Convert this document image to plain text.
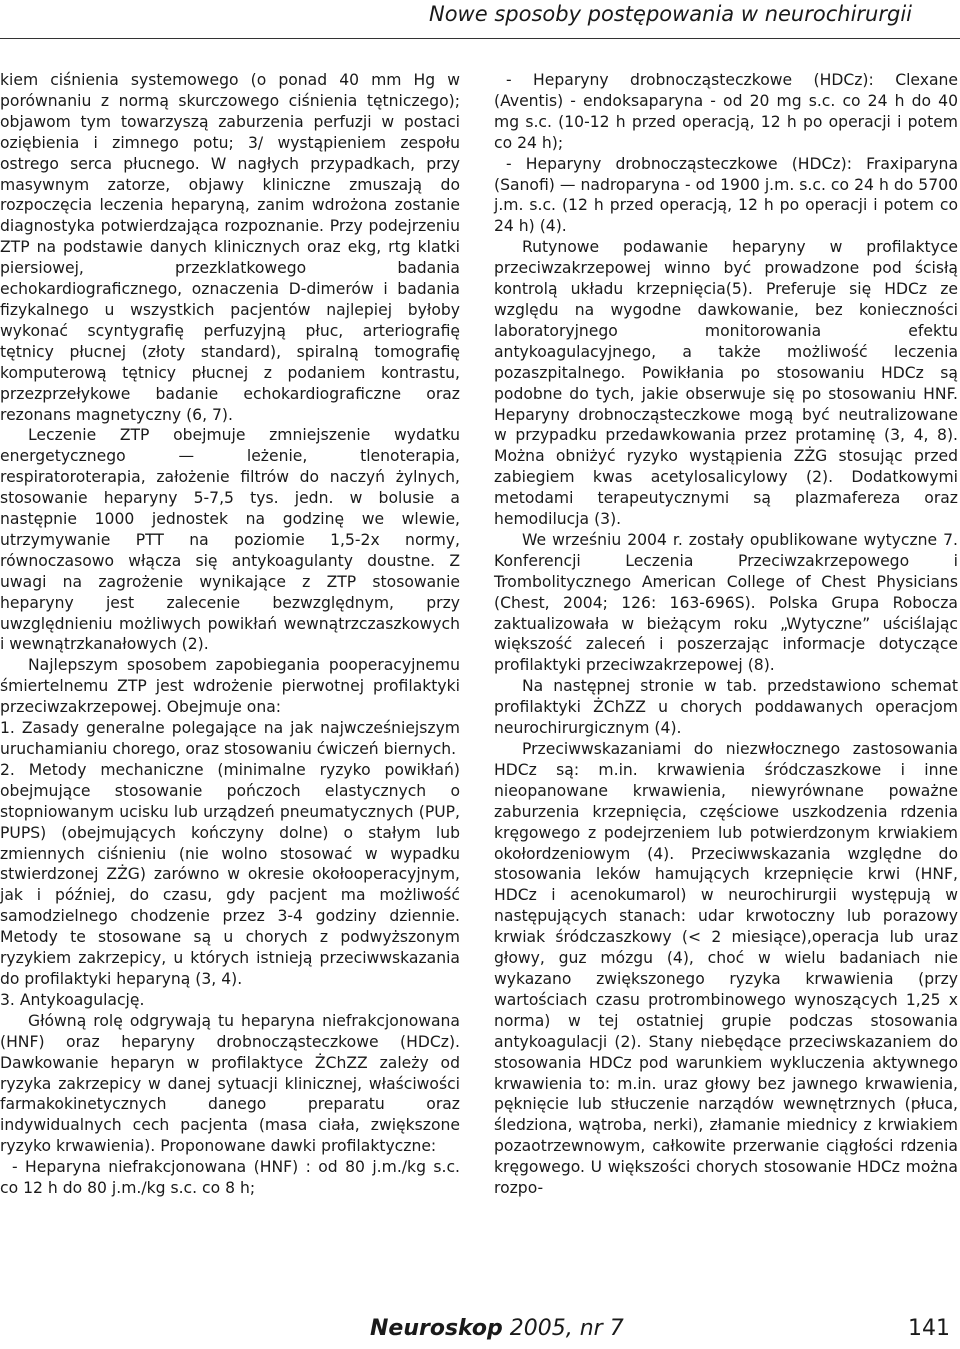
Nowe sposoby postępowania w neurochirurgii

kiem ciśnienia systemowego (o ponad 40 mm Hg w porównaniu z normą skurczowego ciśnienia tętniczego); objawom tym towarzyszą zaburzenia perfuzji w postaci oziębienia i zimnego potu; 3/ wystąpieniem zespołu ostrego serca płucnego. W nagłych przypadkach, przy masywnym zatorze, objawy kliniczne zmuszają do rozpoczęcia leczenia heparyną, zanim wdrożona zostanie diagnostyka potwierdzająca rozpoznanie. Przy podejrzeniu ZTP na podstawie danych klinicznych oraz ekg, rtg klatki piersiowej, przezklatkowego badania echokardiograficznego, oznaczenia D-dimerów i badania fizykalnego u wszystkich pacjentów najlepiej byłoby wykonać scyntygrafię perfuzyjną płuc, arteriografię tętnicy płucnej (złoty standard), spiralną tomografię komputerową tętnicy płucnej z podaniem kontrastu, przezprzełykowe badanie echokardiograficzne oraz rezonans magnetyczny (6, 7).

Leczenie ZTP obejmuje zmniejszenie wydatku energetycznego — leżenie, tlenoterapia, respiratoroterapia, założenie filtrów do naczyń żylnych, stosowanie heparyny 5-7,5 tys. jedn. w bolusie a następnie 1000 jednostek na godzinę we wlewie, utrzymywanie PTT na poziomie 1,5-2x normy, równoczasowo włącza się antykoagulanty doustne. Z uwagi na zagrożenie wynikające z ZTP stosowanie heparyny jest zalecenie bezwzględnym, przy uwzględnieniu możliwych powikłań wewnątrzczaszkowych i wewnątrzkanałowych (2).

Najlepszym sposobem zapobiegania pooperacyjnemu śmiertelnemu ZTP jest wdrożenie pierwotnej profilaktyki przeciwzakrzepowej. Obejmuje ona:

1. Zasady generalne polegające na jak najwcześniejszym uruchamianiu chorego, oraz stosowaniu ćwiczeń biernych.

2. Metody mechaniczne (minimalne ryzyko powikłań) obejmujące stosowanie pończoch elastycznych o stopniowanym ucisku lub urządzeń pneumatycznych (PUP, PUPS) (obejmujących kończyny dolne) o stałym lub zmiennych ciśnieniu (nie wolno stosować w wypadku stwierdzonej ZŻG) zarówno w okresie okołooperacyjnym, jak i później, do czasu, gdy pacjent ma możliwość samodzielnego chodzenie przez 3-4 godziny dziennie. Metody te stosowane są u chorych z podwyższonym ryzykiem zakrzepicy, u których istnieją przeciwwskazania do profilaktyki heparyną (3, 4).

3. Antykoagulację.

Główną rolę odgrywają tu heparyna niefrakcjonowana (HNF) oraz heparyny drobnocząsteczkowe (HDCz). Dawkowanie heparyn w profilaktyce ŻChZZ zależy od ryzyka zakrzepicy w danej sytuacji klinicznej, właściwości farmakokinetycznych danego preparatu oraz indywidualnych cech pacjenta (masa ciała, zwiększone ryzyko krwawienia). Proponowane dawki profilaktyczne:

- Heparyna niefrakcjonowana (HNF) : od 80 j.m./kg s.c. co 12 h do 80 j.m./kg s.c. co 8 h;

- Heparyny drobnocząsteczkowe (HDCz): Clexane (Aventis) - endoksaparyna - od 20 mg s.c. co 24 h do 40 mg s.c. (10-12 h przed operacją, 12 h po operacji i potem co 24 h);

- Heparyny drobnocząsteczkowe (HDCz): Fraxiparyna (Sanofi) — nadroparyna - od 1900 j.m. s.c. co 24 h do 5700 j.m. s.c. (12 h przed operacją, 12 h po operacji i potem co 24 h) (4).

Rutynowe podawanie heparyny w profilaktyce przeciwzakrzepowej winno być prowadzone pod ścisłą kontrolą układu krzepnięcia(5). Preferuje się HDCz ze względu na wygodne dawkowanie, bez konieczności laboratoryjnego monitorowania efektu antykoagulacyjnego, a także możliwość leczenia pozaszpitalnego. Powikłania po stosowaniu HDCz są podobne do tych, jakie obserwuje się po stosowaniu HNF. Heparyny drobnocząsteczkowe mogą być neutralizowane w przypadku przedawkowania przez protaminę (3, 4, 8). Można obniżyć ryzyko wystąpienia ZŻG stosując przed zabiegiem kwas acetylosalicylowy (2). Dodatkowymi metodami terapeutycznymi są plazmafereza oraz hemodilucja (3).

We wrześniu 2004 r. zostały opublikowane wytyczne 7. Konferencji Leczenia Przeciwzakrzepowego i Trombolitycznego American College of Chest Physicians (Chest, 2004; 126: 163-696S). Polska Grupa Robocza zaktualizowała w bieżącym roku „Wytyczne” uściślając większość zaleceń i poszerzając informacje dotyczące profilaktyki przeciwzakrzepowej (8).

Na następnej stronie w tab. przedstawiono schemat profilaktyki ŻChZZ u chorych poddawanych operacjom neurochirurgicznym (4).

Przeciwwskazaniami do niezwłocznego zastosowania HDCz są: m.in. krwawienia śródczaszkowe i inne nieopanowane krwawienia, niewyrównane poważne zaburzenia krzepnięcia, częściowe uszkodzenia rdzenia kręgowego z podejrzeniem lub potwierdzonym krwiakiem okołordzeniowym (4). Przeciwwskazania względne do stosowania leków hamujących krzepnięcie krwi (HNF, HDCz i acenokumarol) w neurochirurgii występują w następujących stanach: udar krwotoczny lub porazowy krwiak śródczaszkowy (< 2 miesiące),operacja lub uraz głowy, guz mózgu (4), choć w wielu badaniach nie wykazano zwiększonego ryzyka krwawienia (przy wartościach czasu protrombinowego wynoszących 1,25 x norma) w tej ostatniej grupie podczas stosowania antykoagulacji (2). Stany niebędące przeciwskazaniem do stosowania HDCz pod warunkiem wykluczenia aktywnego krwawienia to: m.in. uraz głowy bez jawnego krwawienia, pęknięcie lub stłuczenie narządów wewnętrznych (płuca, śledziona, wątroba, nerki), złamanie miednicy z krwiakiem pozaotrzewnowym, całkowite przerwanie ciągłości rdzenia kręgowego. U większości chorych stosowanie HDCz można rozpo-

Neuroskop 2005, nr 7	141
